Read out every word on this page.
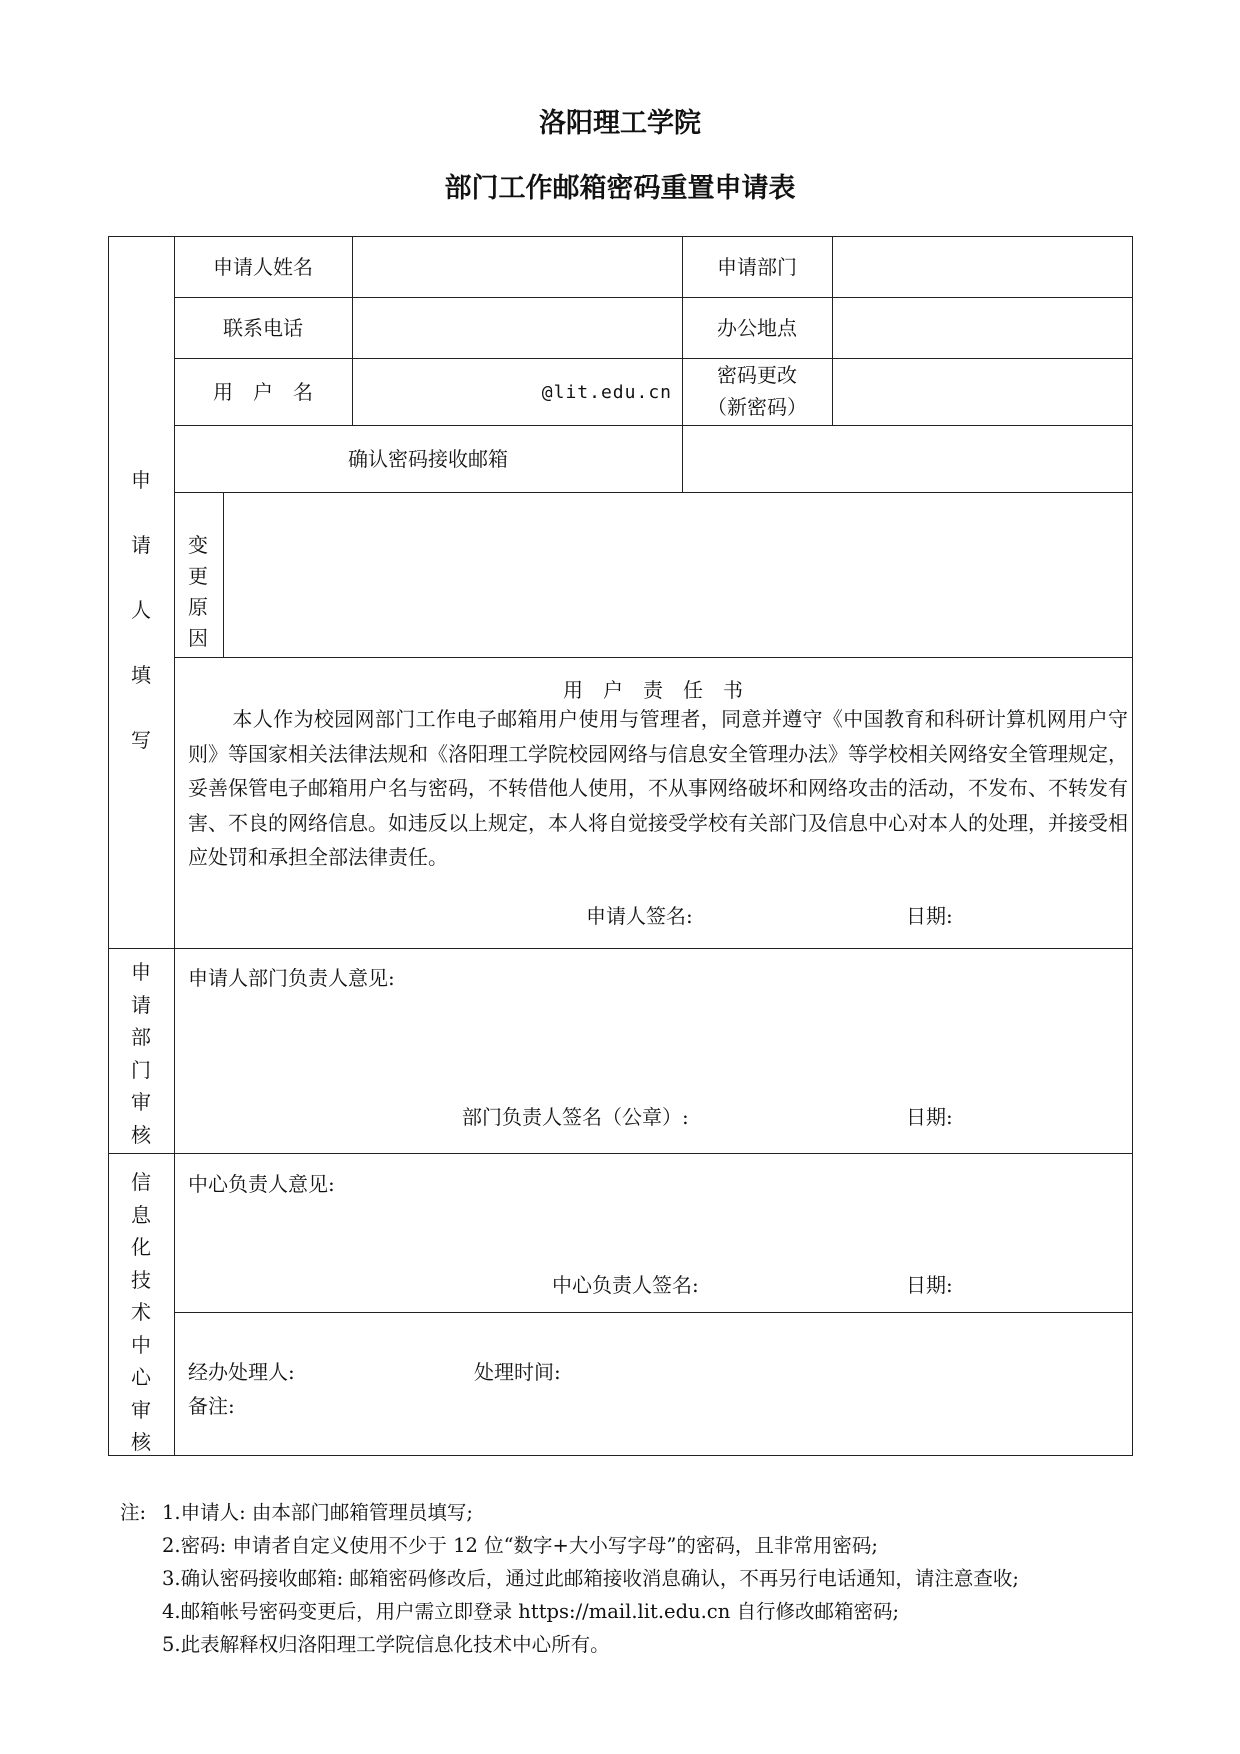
洛阳理工学院
部门工作邮箱密码重置申请表
申
请
人
填
写
申请人姓名	申请部门
联系电话	办公地点
用　户　名	@lit.edu.cn
密码更改
（新密码）
确认密码接收邮箱
变
更
原
因
用　户　责　任　书
本人作为校园网部门工作电子邮箱用户使用与管理者，同意并遵守《中国教育和科研计算机网用户守则》等国家相关法律法规和《洛阳理工学院校园网络与信息安全管理办法》等学校相关网络安全管理规定，妥善保管电子邮箱用户名与密码，不转借他人使用，不从事网络破坏和网络攻击的活动，不发布、不转发有害、不良的网络信息。如违反以上规定，本人将自觉接受学校有关部门及信息中心对本人的处理，并接受相应处罚和承担全部法律责任。
申请人签名:	日期:
申
请
部
门
审
核
申请人部门负责人意见:
部门负责人签名（公章）:	日期:
信
息
化
技
术
中
心
审
核
中心负责人意见:
中心负责人签名:	日期:
经办处理人:	处理时间:
备注:
注: 1.申请人: 由本部门邮箱管理员填写;
2.密码: 申请者自定义使用不少于 12 位“数字+大小写字母”的密码，且非常用密码;
3.确认密码接收邮箱: 邮箱密码修改后，通过此邮箱接收消息确认，不再另行电话通知，请注意查收;
4.邮箱帐号密码变更后，用户需立即登录 https://mail.lit.edu.cn 自行修改邮箱密码;
5.此表解释权归洛阳理工学院信息化技术中心所有。
